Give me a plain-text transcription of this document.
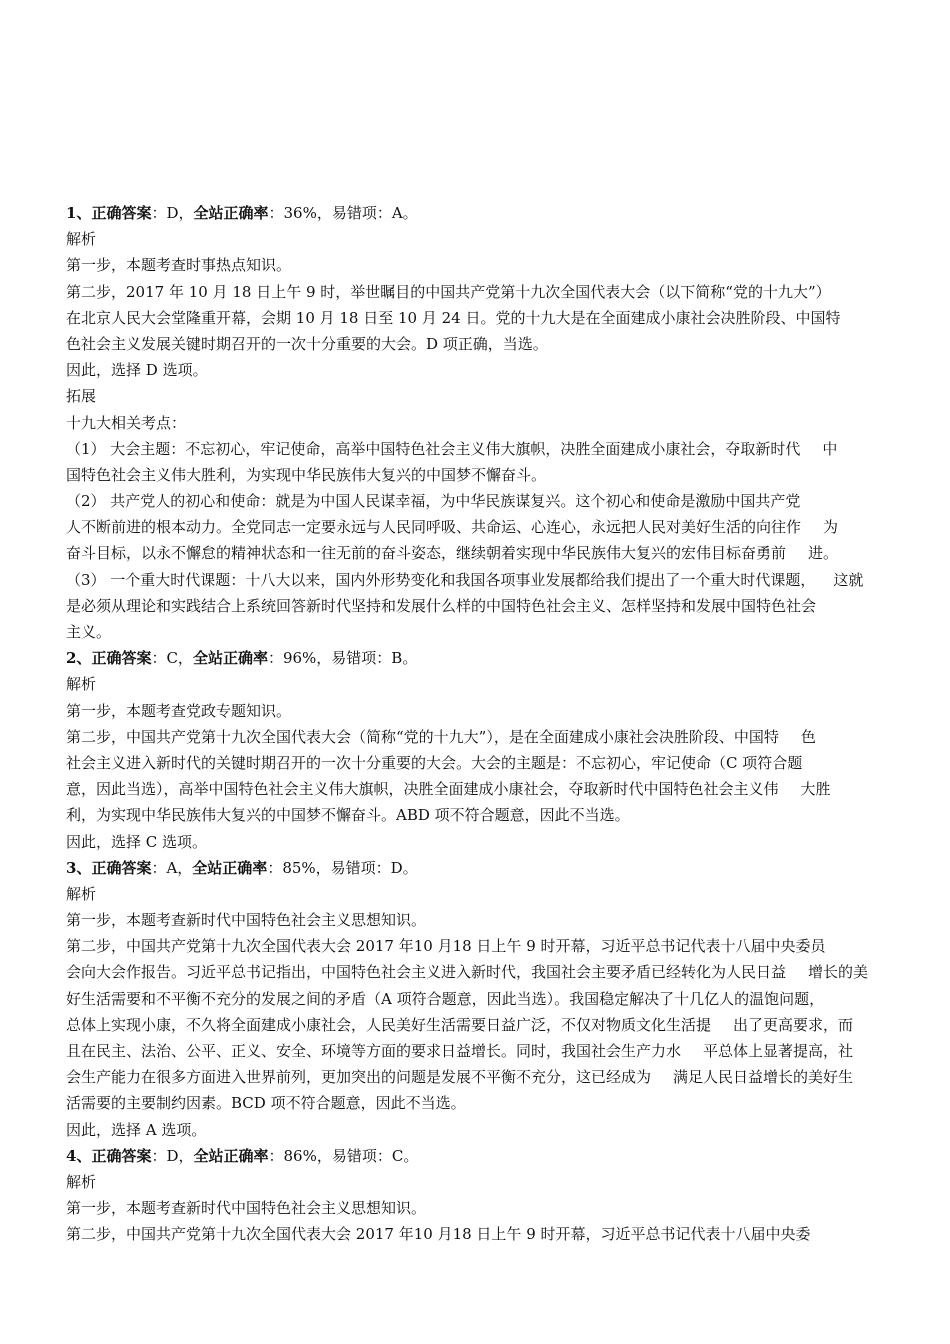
1、正确答案：D，全站正确率：36%，易错项：A。
解析
第一步，本题考查时事热点知识。
第二步，2017 年 10 月 18 日上午 9 时，举世瞩目的中国共产党第十九次全国代表大会（以下简称“党的十九大”）
在北京人民大会堂隆重开幕，会期 10 月 18 日至 10 月 24 日。党的十九大是在全面建成小康社会决胜阶段、中国特
色社会主义发展关键时期召开的一次十分重要的大会。D 项正确，当选。
因此，选择 D 选项。
拓展
十九大相关考点：
（1） 大会主题：不忘初心，牢记使命，高举中国特色社会主义伟大旗帜，决胜全面建成小康社会，夺取新时代 中
国特色社会主义伟大胜利，为实现中华民族伟大复兴的中国梦不懈奋斗。
（2） 共产党人的初心和使命：就是为中国人民谋幸福，为中华民族谋复兴。这个初心和使命是激励中国共产党
人不断前进的根本动力。全党同志一定要永远与人民同呼吸、共命运、心连心，永远把人民对美好生活的向往作 为
奋斗目标，以永不懈怠的精神状态和一往无前的奋斗姿态，继续朝着实现中华民族伟大复兴的宏伟目标奋勇前 进。
（3） 一个重大时代课题：十八大以来，国内外形势变化和我国各项事业发展都给我们提出了一个重大时代课题， 这就
是必须从理论和实践结合上系统回答新时代坚持和发展什么样的中国特色社会主义、怎样坚持和发展中国特色社会
主义。
2、正确答案：C，全站正确率：96%，易错项：B。
解析
第一步，本题考查党政专题知识。
第二步，中国共产党第十九次全国代表大会（简称“党的十九大”），是在全面建成小康社会决胜阶段、中国特 色
社会主义进入新时代的关键时期召开的一次十分重要的大会。大会的主题是：不忘初心，牢记使命（C 项符合题
意，因此当选），高举中国特色社会主义伟大旗帜，决胜全面建成小康社会，夺取新时代中国特色社会主义伟 大胜
利，为实现中华民族伟大复兴的中国梦不懈奋斗。ABD 项不符合题意，因此不当选。
因此，选择 C 选项。
3、正确答案：A，全站正确率：85%，易错项：D。
解析
第一步，本题考查新时代中国特色社会主义思想知识。
第二步，中国共产党第十九次全国代表大会 2017 年10 月18 日上午 9 时开幕，习近平总书记代表十八届中央委员
会向大会作报告。习近平总书记指出，中国特色社会主义进入新时代，我国社会主要矛盾已经转化为人民日益 增长的美
好生活需要和不平衡不充分的发展之间的矛盾（A 项符合题意，因此当选）。我国稳定解决了十几亿人的温饱问题，
总体上实现小康，不久将全面建成小康社会，人民美好生活需要日益广泛，不仅对物质文化生活提 出了更高要求，而
且在民主、法治、公平、正义、安全、环境等方面的要求日益增长。同时，我国社会生产力水 平总体上显著提高，社
会生产能力在很多方面进入世界前列，更加突出的问题是发展不平衡不充分，这已经成为 满足人民日益增长的美好生
活需要的主要制约因素。BCD 项不符合题意，因此不当选。
因此，选择 A 选项。
4、正确答案：D，全站正确率：86%，易错项：C。
解析
第一步，本题考查新时代中国特色社会主义思想知识。
第二步，中国共产党第十九次全国代表大会 2017 年10 月18 日上午 9 时开幕，习近平总书记代表十八届中央委
